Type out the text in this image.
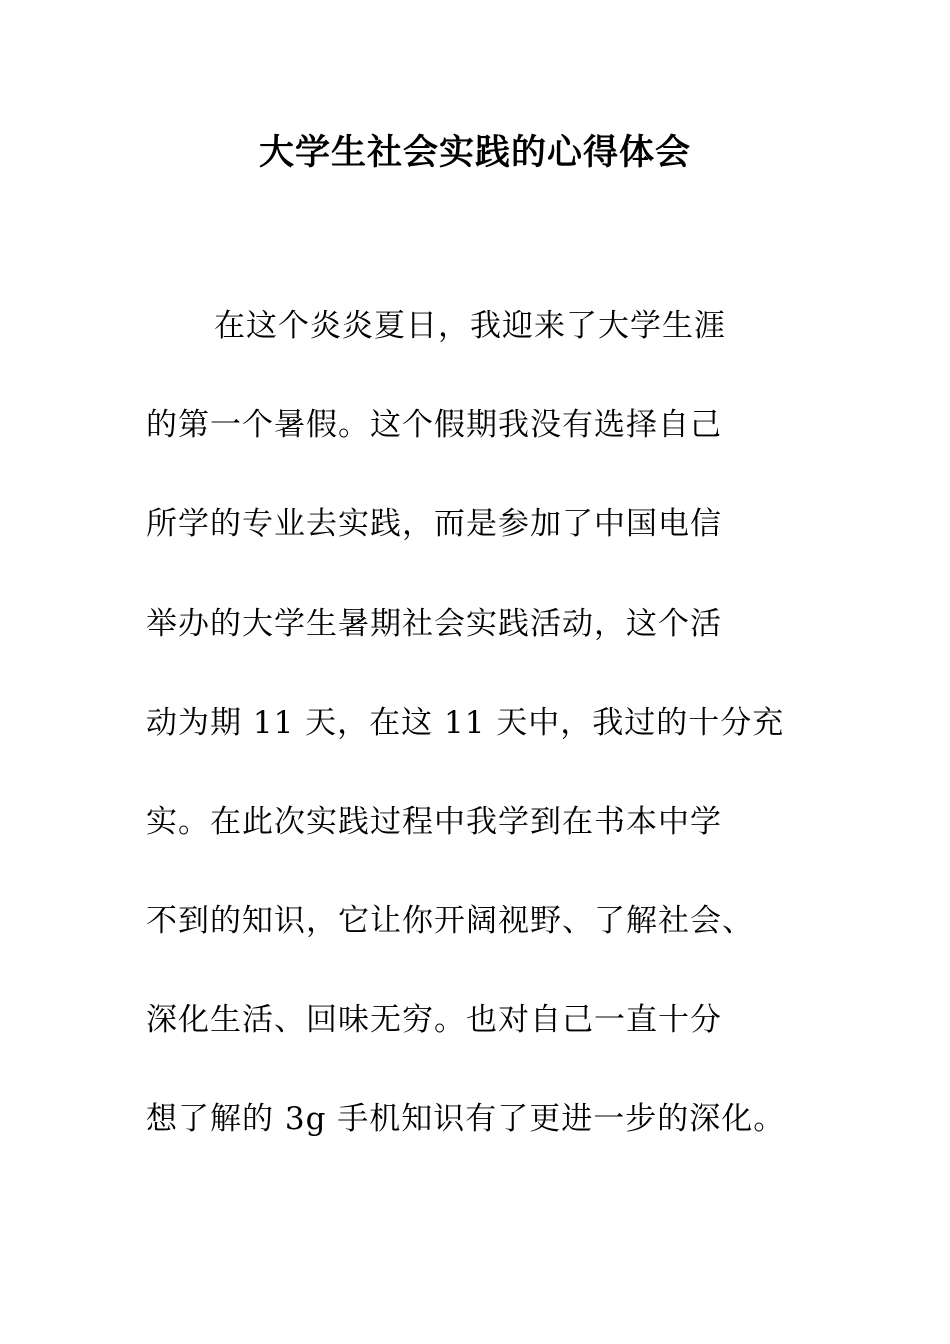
大学生社会实践的心得体会
在这个炎炎夏日，我迎来了大学生涯
的第一个暑假。这个假期我没有选择自己
所学的专业去实践，而是参加了中国电信
举办的大学生暑期社会实践活动，这个活
动为期 11 天，在这 11 天中，我过的十分充
实。在此次实践过程中我学到在书本中学
不到的知识，它让你开阔视野、了解社会、
深化生活、回味无穷。也对自己一直十分
想了解的 3g 手机知识有了更进一步的深化。
